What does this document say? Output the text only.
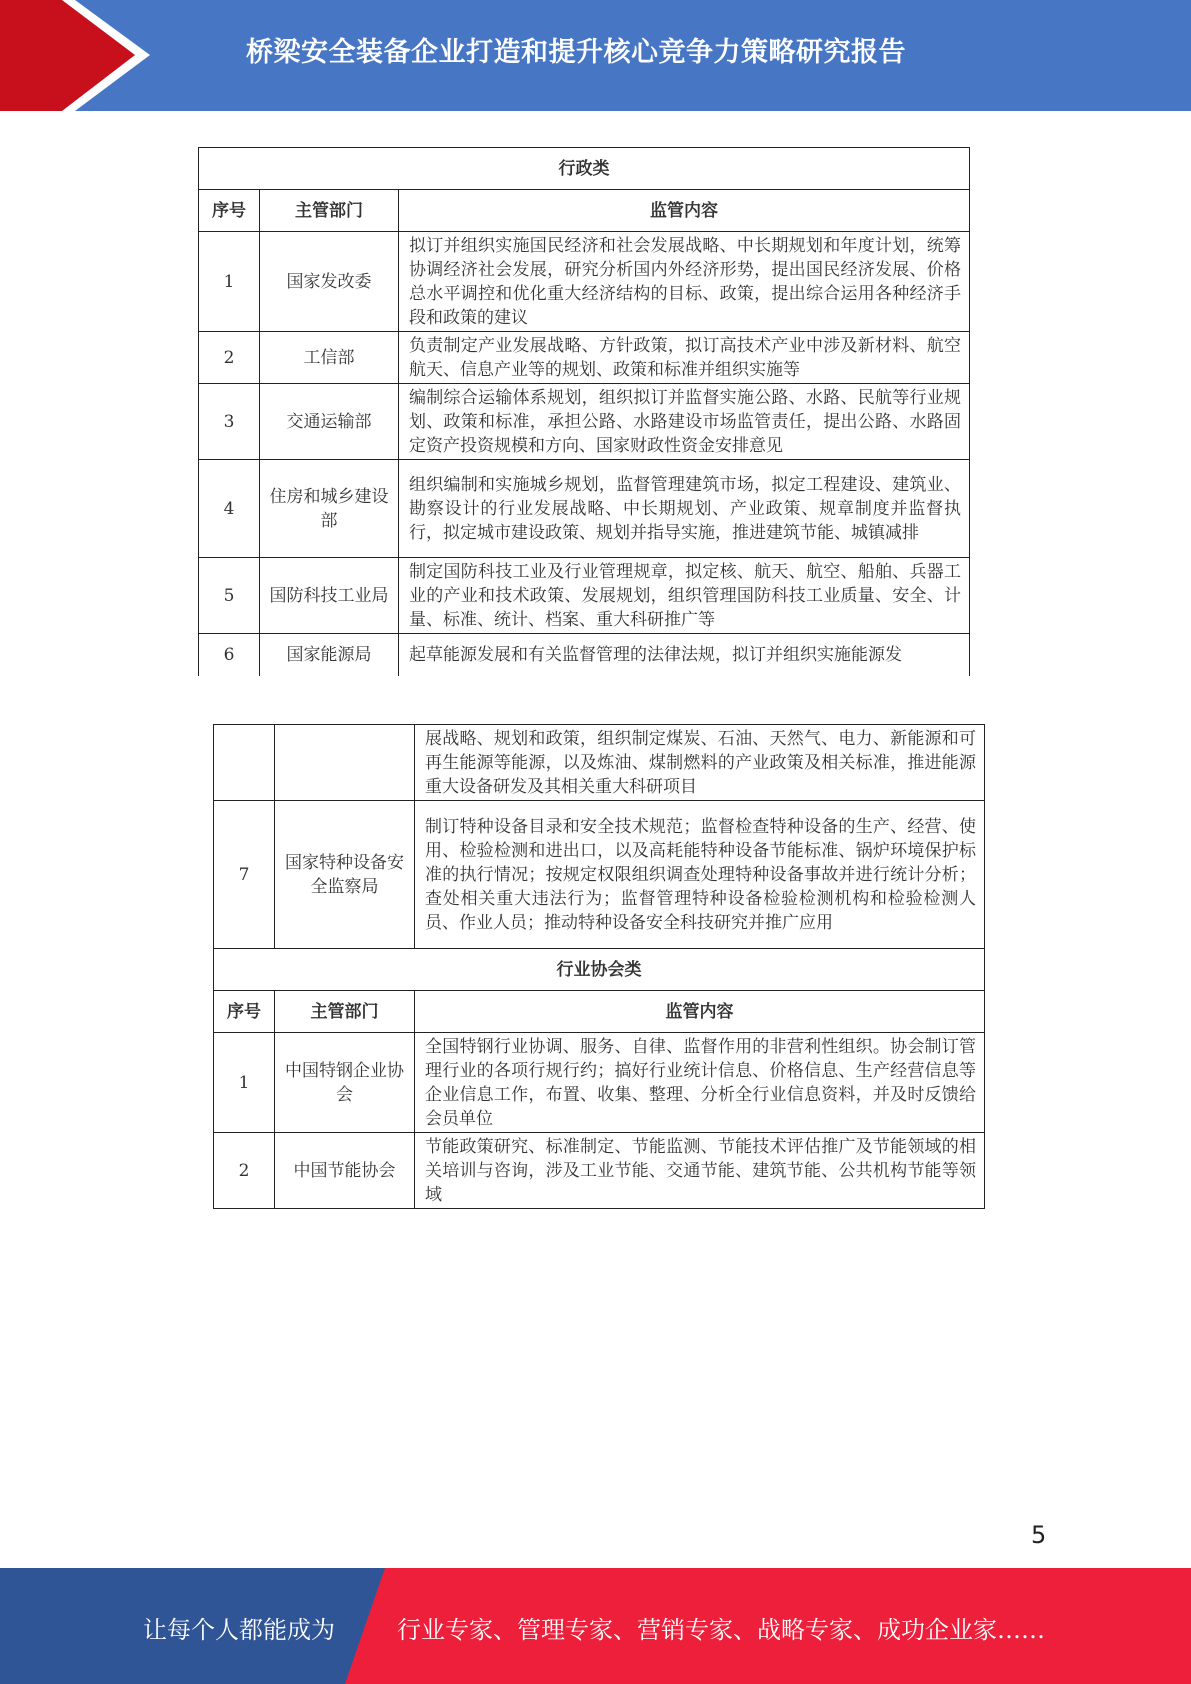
桥梁安全装备企业打造和提升核心竞争力策略研究报告
行政类		
序号	主管部门	监管内容
1	国家发改委	拟订并组织实施国民经济和社会发展战略、中长期规划和年度计划，统筹协调经济社会发展，研究分析国内外经济形势，提出国民经济发展、价格总水平调控和优化重大经济结构的目标、政策，提出综合运用各种经济手段和政策的建议
2	工信部	负责制定产业发展战略、方针政策，拟订高技术产业中涉及新材料、航空航天、信息产业等的规划、政策和标准并组织实施等
3	交通运输部	编制综合运输体系规划，组织拟订并监督实施公路、水路、民航等行业规划、政策和标准，承担公路、水路建设市场监管责任，提出公路、水路固定资产投资规模和方向、国家财政性资金安排意见
4	住房和城乡建设部	组织编制和实施城乡规划，监督管理建筑市场，拟定工程建设、建筑业、勘察设计的行业发展战略、中长期规划、产业政策、规章制度并监督执行，拟定城市建设政策、规划并指导实施，推进建筑节能、城镇减排
5	国防科技工业局	制定国防科技工业及行业管理规章，拟定核、航天、航空、船舶、兵器工业的产业和技术政策、发展规划，组织管理国防科技工业质量、安全、计量、标准、统计、档案、重大科研推广等
6	国家能源局	起草能源发展和有关监督管理的法律法规，拟订并组织实施能源发
		展战略、规划和政策，组织制定煤炭、石油、天然气、电力、新能源和可再生能源等能源，以及炼油、煤制燃料的产业政策及相关标准，推进能源重大设备研发及其相关重大科研项目
7	国家特种设备安全监察局	制订特种设备目录和安全技术规范；监督检查特种设备的生产、经营、使用、检验检测和进出口，以及高耗能特种设备节能标准、锅炉环境保护标准的执行情况；按规定权限组织调查处理特种设备事故并进行统计分析；查处相关重大违法行为；监督管理特种设备检验检测机构和检验检测人员、作业人员；推动特种设备安全科技研究并推广应用
行业协会类		
序号	主管部门	监管内容
1	中国特钢企业协会	全国特钢行业协调、服务、自律、监督作用的非营利性组织。协会制订管理行业的各项行规行约；搞好行业统计信息、价格信息、生产经营信息等企业信息工作，布置、收集、整理、分析全行业信息资料，并及时反馈给会员单位
2	中国节能协会	节能政策研究、标准制定、节能监测、节能技术评估推广及节能领域的相关培训与咨询，涉及工业节能、交通节能、建筑节能、公共机构节能等领域
5
让每个人都能成为	行业专家、管理专家、营销专家、战略专家、成功企业家……
